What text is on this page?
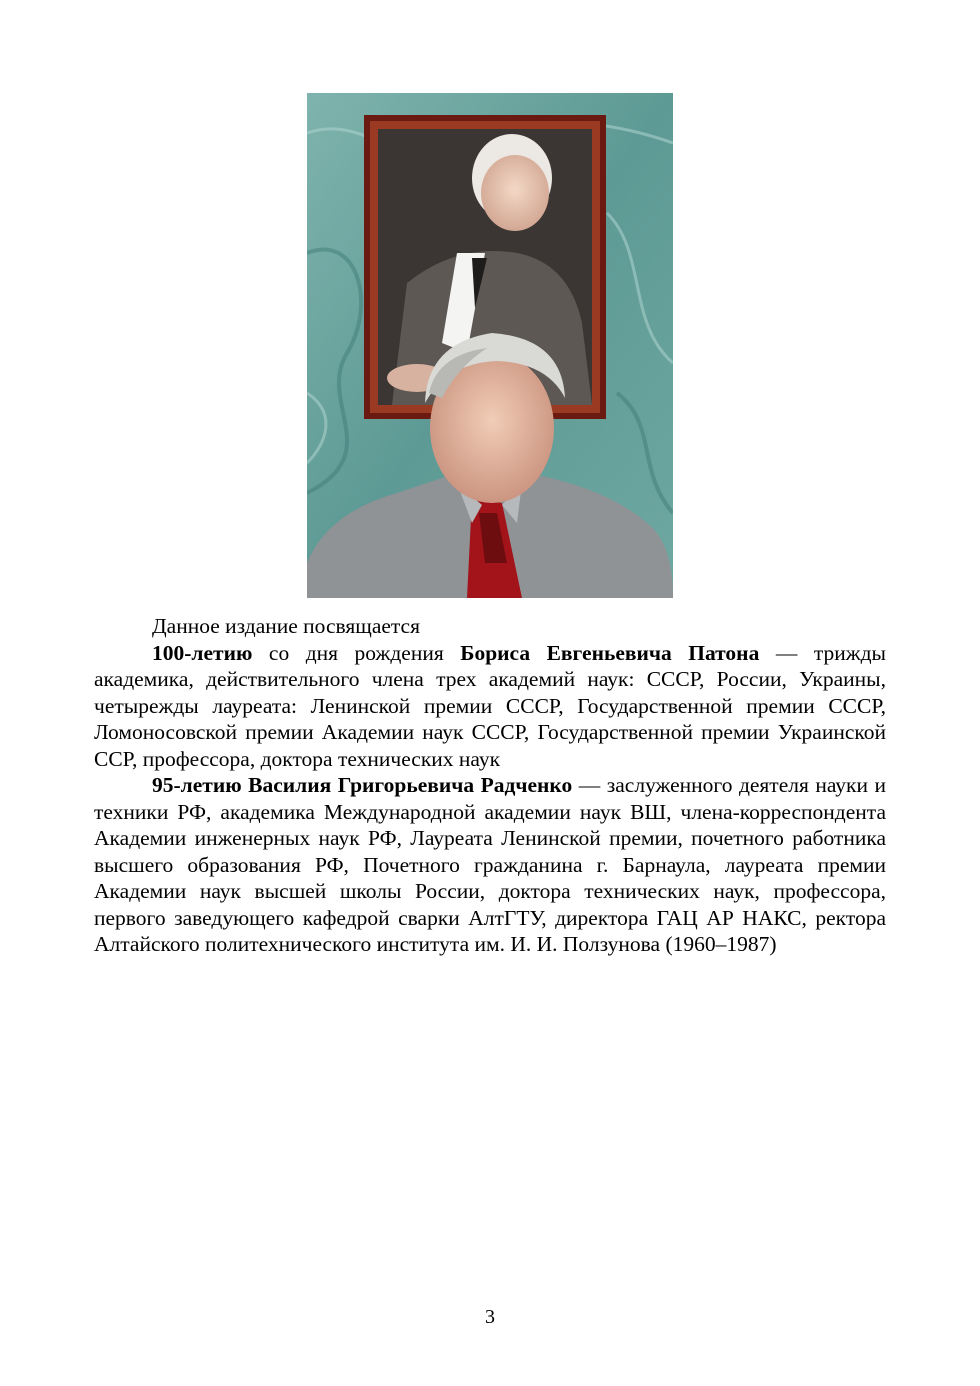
Данное издание посвящается

100-летию со дня рождения Бориса Евгеньевича Патона — трижды академика, действительного члена трех академий наук: СССР, России, Украины, четырежды лауреата: Ленинской премии СССР, Государственной премии СССР, Ломоносовской премии Академии наук СССР, Государственной премии Украинской ССР, профессора, доктора технических наук

95-летию Василия Григорьевича Радченко — заслуженного деятеля науки и техники РФ, академика Международной академии наук ВШ, члена-корреспондента Академии инженерных наук РФ, Лауреата Ленинской премии, почетного работника высшего образования РФ, Почетного гражданина г. Барнаула, лауреата премии Академии наук высшей школы России, доктора технических наук, профессора, первого заведующего кафедрой сварки АлтГТУ, директора ГАЦ АР НАКС, ректора Алтайского политехнического института им. И. И. Ползунова (1960–1987)

3
